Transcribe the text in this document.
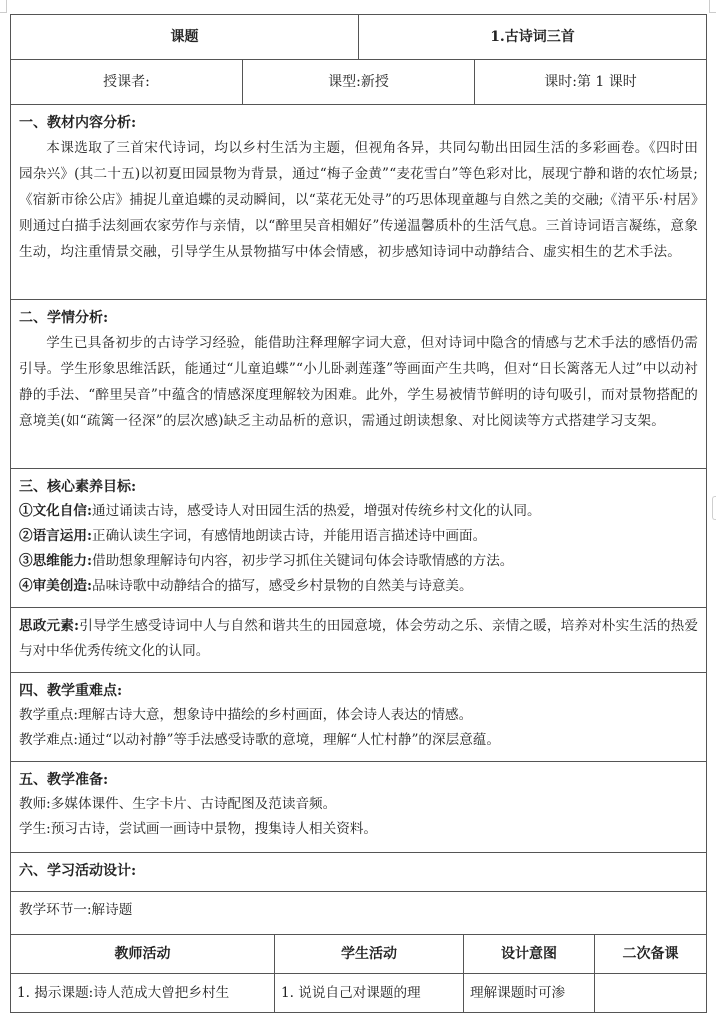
课题		1.古诗词三首	
授课者:	课型:新授		课时:第 1 课时

一、教材内容分析:
本课选取了三首宋代诗词，均以乡村生活为主题，但视角各异，共同勾勒出田园生活的多彩画卷。《四时田园杂兴》(其二十五)以初夏田园景物为背景，通过“梅子金黄”“麦花雪白”等色彩对比，展现宁静和谐的农忙场景;《宿新市徐公店》捕捉儿童追蝶的灵动瞬间，以“菜花无处寻”的巧思体现童趣与自然之美的交融;《清平乐·村居》则通过白描手法刻画农家劳作与亲情，以“醉里吴音相媚好”传递温馨质朴的生活气息。三首诗词语言凝练，意象生动，均注重情景交融，引导学生从景物描写中体会情感，初步感知诗词中动静结合、虚实相生的艺术手法。			

二、学情分析:
学生已具备初步的古诗学习经验，能借助注释理解字词大意，但对诗词中隐含的情感与艺术手法的感悟仍需引导。学生形象思维活跃，能通过“儿童追蝶”“小儿卧剥莲蓬”等画面产生共鸣，但对“日长篱落无人过”中以动衬静的手法、“醉里吴音”中蕴含的情感深度理解较为困难。此外，学生易被情节鲜明的诗句吸引，而对景物搭配的意境美(如“疏篱一径深”的层次感)缺乏主动品析的意识，需通过朗读想象、对比阅读等方式搭建学习支架。			

三、核心素养目标:
①文化自信:通过诵读古诗，感受诗人对田园生活的热爱，增强对传统乡村文化的认同。
②语言运用:正确认读生字词，有感情地朗读古诗，并能用语言描述诗中画面。
③思维能力:借助想象理解诗句内容，初步学习抓住关键词句体会诗歌情感的方法。
④审美创造:品味诗歌中动静结合的描写，感受乡村景物的自然美与诗意美。			

思政元素:引导学生感受诗词中人与自然和谐共生的田园意境，体会劳动之乐、亲情之暖，培养对朴实生活的热爱与对中华优秀传统文化的认同。			

四、教学重难点:
教学重点:理解古诗大意，想象诗中描绘的乡村画面，体会诗人表达的情感。
教学难点:通过“以动衬静”等手法感受诗歌的意境，理解“人忙村静”的深层意蕴。			

五、教学准备:
教师:多媒体课件、生字卡片、古诗配图及范读音频。
学生:预习古诗，尝试画一画诗中景物，搜集诗人相关资料。			

六、学习活动设计:			

教学环节一:解诗题			
教师活动	学生活动	设计意图	二次备课
1. 揭示课题:诗人范成大曾把乡村生	1. 说说自己对课题的理	理解课题时可渗	
